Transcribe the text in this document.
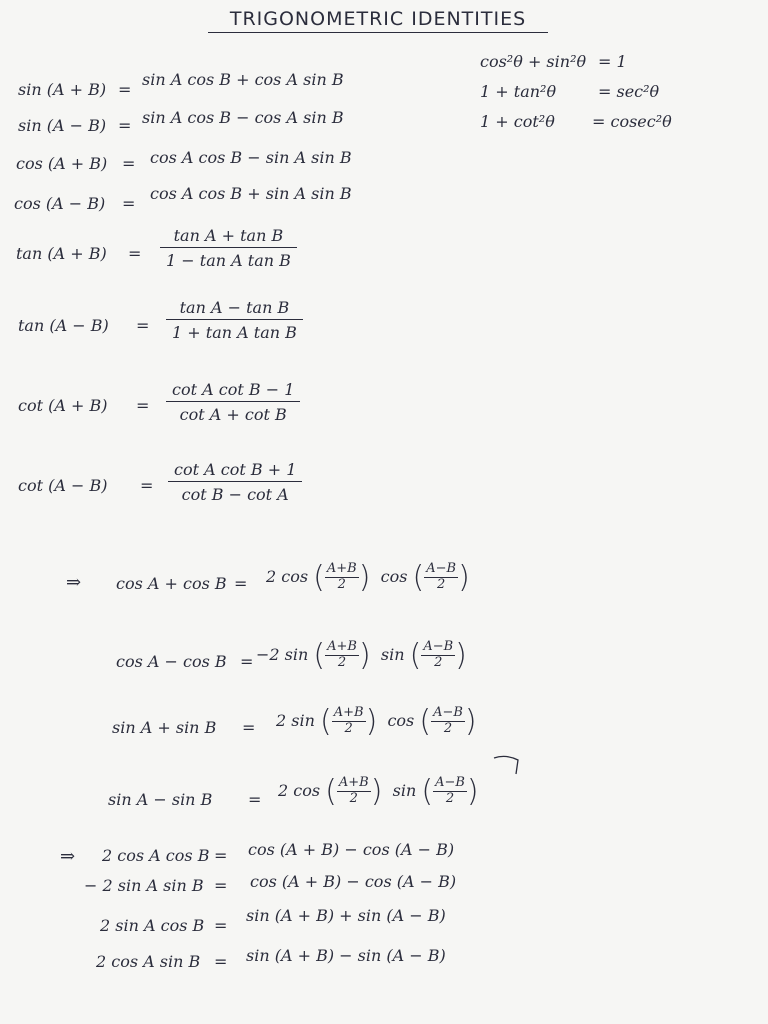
TRIGONOMETRIC IDENTITIES
cos²θ + sin²θ = 1
1 + tan²θ	= sec²θ
1 + cot²θ = cosec²θ
sin (A + B) =
sin A cos B + cos A sin B
sin (A − B) = sin A cos B − cos A sin B
cos (A + B) = cos A cos B − sin A sin B
cos (A − B) =
cos A cos B + sin A sin B
$\tan (A + B) = \frac{\text{tan A + tan B}}{\text{1 − tan A tan B}}$
$\tan (A - B) = \frac{\text{tan A − tan B}}{\text{1 + tan A tan B}}$
$\cot (A + B) = \frac{\text{cot A cot B − 1}}{\text{cot A + cot B}}$
$\cot (A - B) = \frac{\text{cot A cot B + 1}}{\text{cot B − cot A}}$
⇒ cos A + cos B = 2 cos ( $\frac{A+B}{2}$ ) cos ( $\frac{A-B}{2}$ )
cos A − cos B = −2 sin ( $\frac{A+B}{2}$ ) sin ( $\frac{A-B}{2}$ )
sin A + sin B = 2 sin ( $\frac{A+B}{2}$ ) cos ( $\frac{A-B}{2}$ )
sin A − sin B = 2 cos ( $\frac{A+B}{2}$ ) sin ( $\frac{A-B}{2}$ )
⇒ 2 cos A cos B = cos (A + B) − cos (A − B)
− 2 sin A sin B = cos (A + B) − cos (A − B)
2 sin A cos B =
sin (A + B) + sin (A − B)
2 cos A sin B = sin (A + B) − sin (A − B)
